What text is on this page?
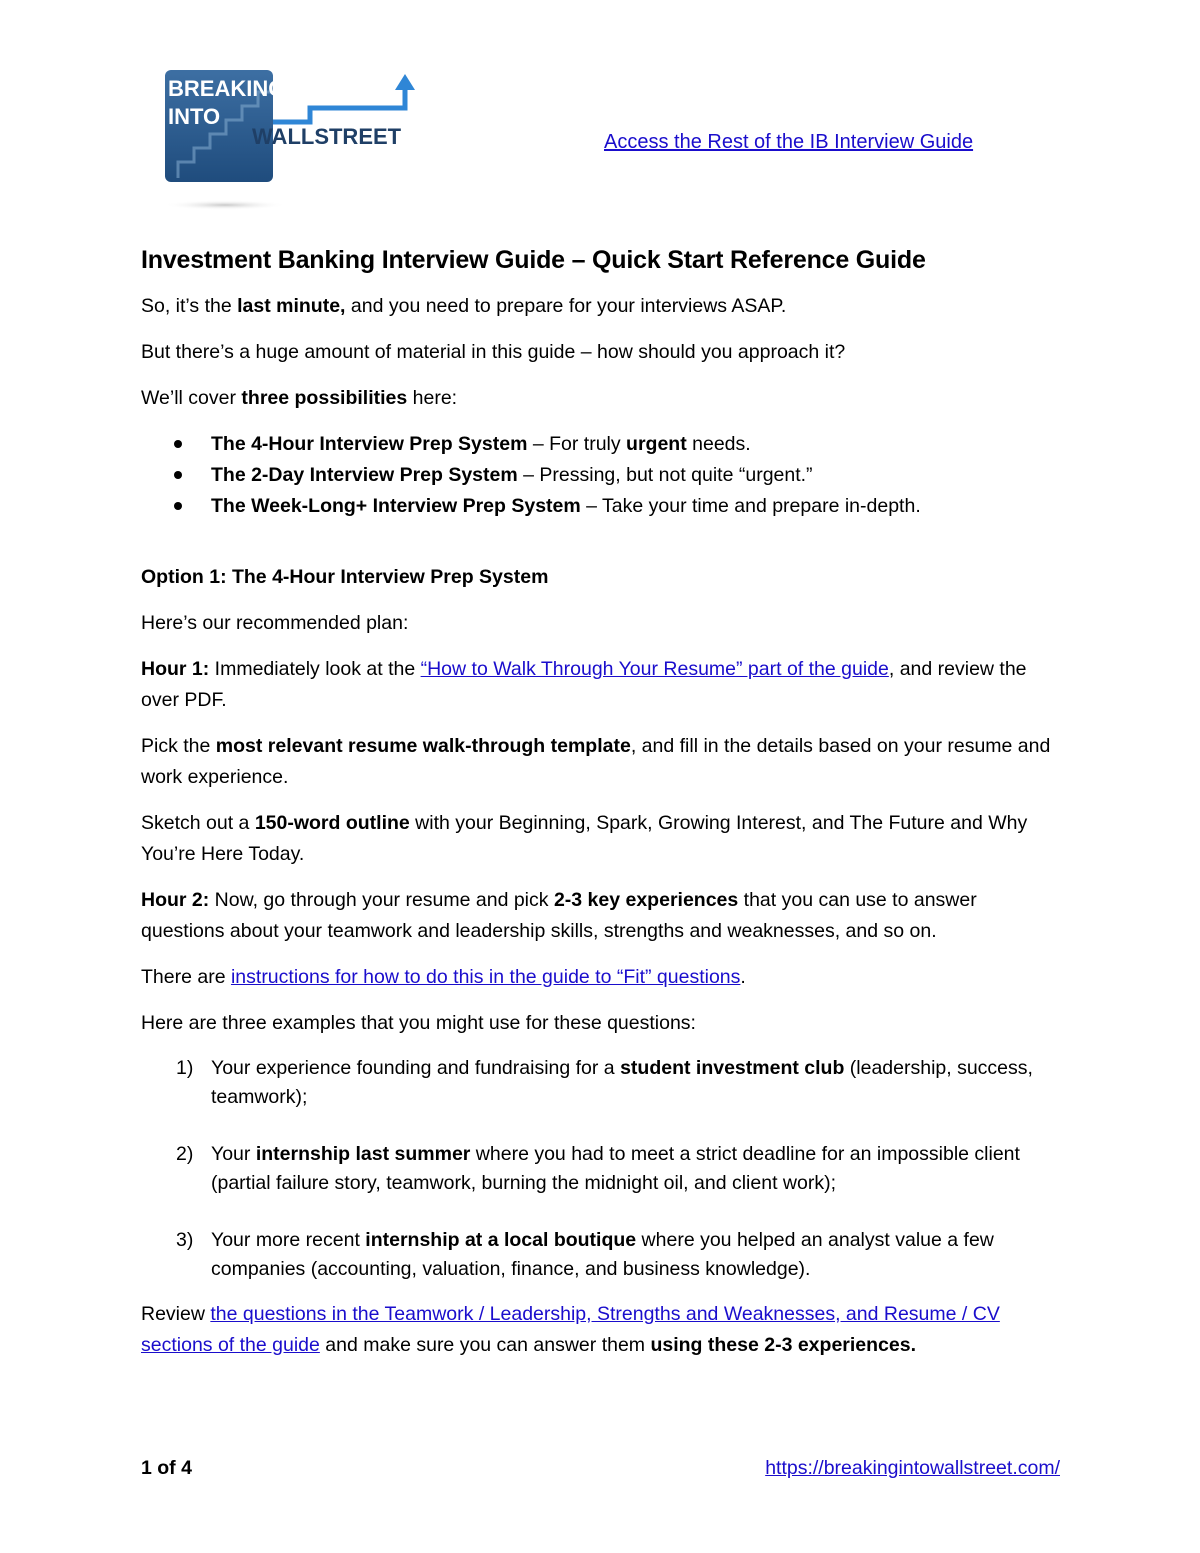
BREAKING
INTO
WALLSTREET	Access the Rest of the IB Interview Guide
Investment Banking Interview Guide – Quick Start Reference Guide

So, it’s the last minute, and you need to prepare for your interviews ASAP.

But there’s a huge amount of material in this guide – how should you approach it?

We’ll cover three possibilities here:

The 4-Hour Interview Prep System – For truly urgent needs.
The 2-Day Interview Prep System – Pressing, but not quite “urgent.”
The Week-Long+ Interview Prep System – Take your time and prepare in-depth.
Option 1: The 4-Hour Interview Prep System

Here’s our recommended plan:

Hour 1: Immediately look at the “How to Walk Through Your Resume” part of the guide, and review the over PDF.

Pick the most relevant resume walk-through template, and fill in the details based on your resume and work experience.

Sketch out a 150-word outline with your Beginning, Spark, Growing Interest, and The Future and Why You’re Here Today.

Hour 2: Now, go through your resume and pick 2-3 key experiences that you can use to answer questions about your teamwork and leadership skills, strengths and weaknesses, and so on.

There are instructions for how to do this in the guide to “Fit” questions.

Here are three examples that you might use for these questions:

1) Your experience founding and fundraising for a student investment club (leadership, success, teamwork);
2) Your internship last summer where you had to meet a strict deadline for an impossible client (partial failure story, teamwork, burning the midnight oil, and client work);
3) Your more recent internship at a local boutique where you helped an analyst value a few companies (accounting, valuation, finance, and business knowledge).

Review the questions in the Teamwork / Leadership, Strengths and Weaknesses, and Resume / CV sections of the guide and make sure you can answer them using these 2-3 experiences.

1 of 4	https://breakingintowallstreet.com/
